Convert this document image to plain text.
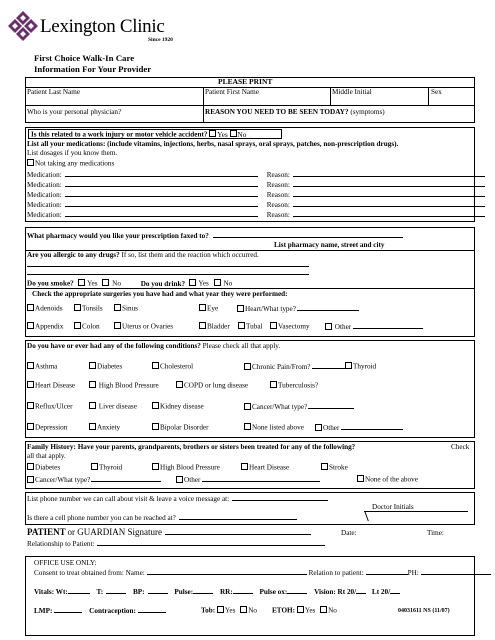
Lexington Clinic
Since 1920
First Choice Walk-In Care
Information For Your Provider
PLEASE PRINT
Patient Last Name	Patient First Name	Middle Initial	Sex
Who is your personal physician?	REASON YOU NEED TO BE SEEN TODAY? (symptoms)
Is this related to a work injury or motor vehicle accident? Yes No
List all your medications: (include vitamins, injections, herbs, nasal sprays, oral sprays, patches, non-prescription drugs).
List dosages if you know them.
Not taking any medications
Medication:	Reason:
Medication:	Reason:
Medication:	Reason:
Medication:	Reason:
Medication:	Reason:
What pharmacy would you like your prescription faxed to?
List pharmacy name, street and city
Are you allergic to any drugs? If so, list them and the reaction which occurred.
Do you smoke? Yes No	Do you drink? Yes No
Check the appropriate surgeries you have had and what year they were performed:
Adenoids	Tonsils	Sinus	Eye	Heart/What type?
Appendix	Colon	Uterus or Ovaries	Bladder	Tubal	Vasectomy	Other
Do you have or ever had any of the following conditions? Please check all that apply.
Asthma	Diabetes	Cholesterol	Chronic Pain/From?	Thyroid
Heart Disease	High Blood Pressure	COPD or lung disease	Tuberculosis?
Reflux/Ulcer	Liver disease	Kidney disease	Cancer/What type?
Depression	Anxiety	Bipolar Disorder	None listed above	Other
Family History: Have your parents, grandparents, brothers or sisters been treated for any of the following?	Check
all that apply.
Diabetes	Thyroid	High Blood Pressure	Heart Disease	Stroke
Cancer/What type?	Other	None of the above
List phone number we can call about visit & leave a voice message at:
Doctor Initials
Is there a cell phone number you can be reached at?
PATIENT or GUARDIAN Signature	Date:	Time:
Relationship to Patient:
OFFICE USE ONLY:
Consent to treat obtained from: Name:	Relation to patient:	PH:
Vitals: Wt:	T:	BP:	Pulse:	RR:	Pulse ox:	Vision: Rt 20/ Lt 20/
LMP:	Contraception:	Tob: Yes No ETOH: Yes No	04031611 NS (11/07)
